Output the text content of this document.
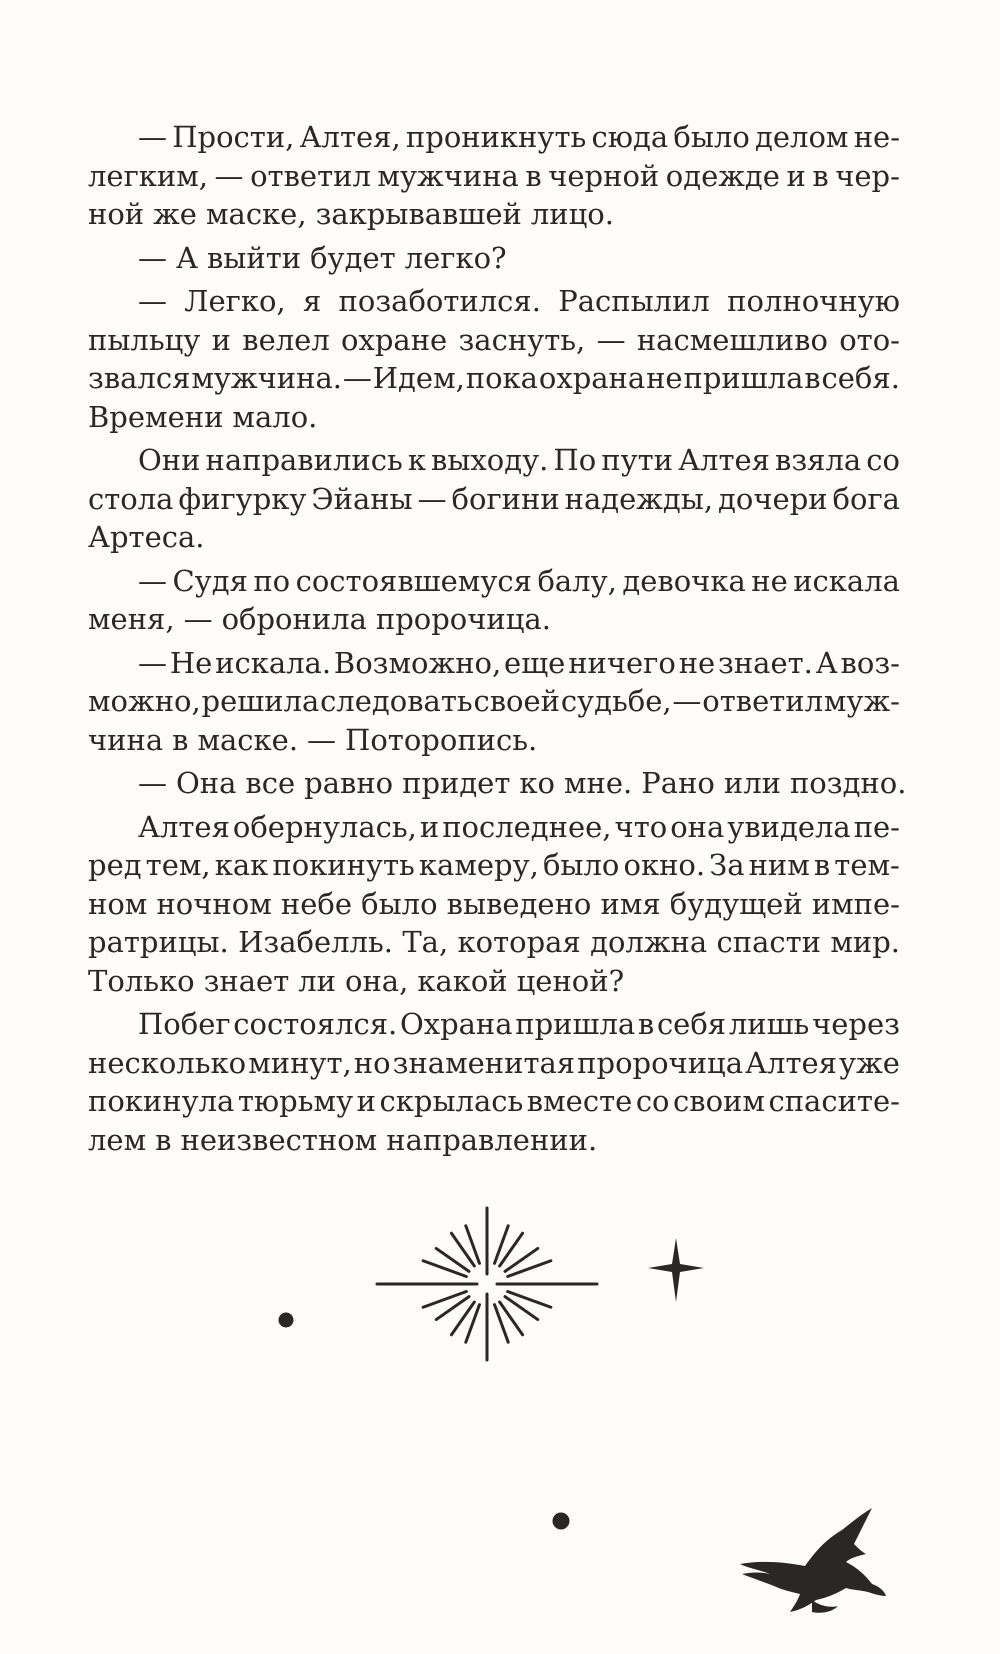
— Прости, Алтея, проникнуть сюда было делом не-
легким, — ответил мужчина в черной одежде и в чер-
ной же маске, закрывавшей лицо.
— А выйти будет легко?
— Легко, я позаботился. Распылил полночную
пыльцу и велел охране заснуть, — насмешливо ото-
звался мужчина. — Идем, пока охрана не пришла в себя.
Времени мало.
Они направились к выходу. По пути Алтея взяла со
стола фигурку Эйаны — богини надежды, дочери бога
Артеса.
— Судя по состоявшемуся балу, девочка не искала
меня, — обронила пророчица.
— Не искала. Возможно, еще ничего не знает. А воз-
можно, решила следовать своей судьбе, — ответил муж-
чина в маске. — Поторопись.
— Она все равно придет ко мне. Рано или поздно.
Алтея обернулась, и последнее, что она увидела пе-
ред тем, как покинуть камеру, было окно. За ним в тем-
ном ночном небе было выведено имя будущей импе-
ратрицы. Изабелль. Та, которая должна спасти мир.
Только знает ли она, какой ценой?
Побег состоялся. Охрана пришла в себя лишь через
несколько минут, но знаменитая пророчица Алтея уже
покинула тюрьму и скрылась вместе со своим спасите-
лем в неизвестном направлении.
